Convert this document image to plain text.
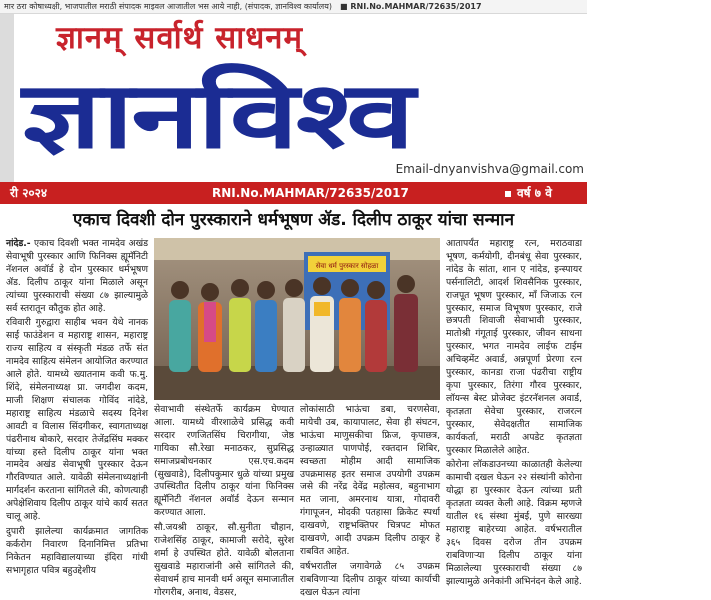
मार ठरा कोषाध्यक्षी, भाजपातील मराठी संपादक माइवल आजातील भस आये नाही, (संपादक, ज्ञानविश्व कार्यालय) ■ RNI.No.MAHMAR/72635/2017
ज्ञानम् सर्वार्थ साधनम्
ज्ञानविश्व
Email-dnyanvishva@gmail.com
री २०२४	RNI.No.MAHMAR/72635/2017	वर्ष ७ वे
एकाच दिवशी दोन पुरस्काराने धर्मभूषण ॲड. दिलीप ठाकूर यांचा सन्मान

नांदेड.- एकाच दिवशी भक्त नामदेव अखंड सेवाभूषी पुरस्कार आणि फिनिक्स ह्यूमॅनिटी नॅशनल अवॉर्ड हे दोन पुरस्कार धर्मभूषण ॲड. दिलीप ठाकूर यांना मिळाले असून त्यांच्या पुरस्काराची संख्या ८७ झाल्यामुळे सर्व स्तरातून कौतुक होत आहे.

रविवारी गुरुद्वारा साहीब भवन येथे नानक साई फाउंडेशन व महाराष्ट्र शासन, महाराष्ट्र राज्य साहित्य व संस्कृती मंडळ तर्फे संत नामदेव साहित्य संमेलन आयोजित करण्यात आले होते. यामध्ये ख्यातनाम कवी फ.मु. शिंदे, संमेलनाध्यक्ष प्रा. जगदीश कदम, माजी शिक्षण संचालक गोविंद नांदेडे, महाराष्ट्र साहित्य मंडळाचे सदस्य दिनेश आवटी व विलास सिंदगीकर, स्वागताध्यक्ष पंढरीनाथ बोकारे, सरदार तेजेंद्रसिंघ मक्कर यांच्या हस्ते दिलीप ठाकूर यांना भक्त नामदेव अखंड सेवाभूषी पुरस्कार देऊन गौरविण्यात आले. यावेळी संमेलनाध्यक्षांनी मार्गदर्शन करताना सांगितले की, कोणत्याही अपेक्षेशिवाय दिलीप ठाकूर यांचे कार्य सतत चालू आहे.

दुपारी झालेल्या कार्यक्रमात जागतिक कर्करोग निवारण दिनानिमित्त प्रतिभा निकेतन महाविद्यालयाच्या इंदिरा गांधी सभागृहात पवित्र बहुउद्देशीय

सेवा धर्म पुरस्कार सोहळा

सेवाभावी संस्थेतर्फे कार्यक्रम घेण्यात आला. यामध्ये वीरशाळेचे प्रसिद्ध कवी सरदार रणजितसिंघ चिरागीया, जेष्ठ गायिका सौ.रेखा मनाठकर, सुप्रसिद्ध समाजप्रबोधनकार एस.एच.कदम (सुखवाडे), दिलीपकुमार धुळे यांच्या प्रमुख उपस्थितीत दिलीप ठाकूर यांना फिनिक्स ह्यूमॅनिटी नॅशनल अवॉर्ड देऊन सन्मान करण्यात आला.

सौ.जयश्री ठाकूर, सौ.सुनीता चौहान, राजेशसिंह ठाकूर, कामाजी सरोदे, सुरेश शर्मा हे उपस्थित होते. यावेळी बोलताना सुखवाडे महाराजांनी असे सांगितले की, सेवाधर्म हाच मानवी धर्म असून समाजातील गोरगरीब, अनाथ, वेडसर,

लोकांसाठी भाऊंचा डबा, चरणसेवा, मायेची उब, कायापालट, सेवा ही संघटन, भाऊंचा माणुसकीचा फ्रिज, कृपाछत्र, उन्हाळ्यात पाणपोई, रक्तदान शिबिर, स्वच्छता मोहीम आदी सामाजिक उपक्रमासह इतर समाज उपयोगी उपक्रम जसे की नरेंद्र देवेंद्र महोत्सव, बहुनाभाग मत जाना, अमरनाथ यात्रा, गोदावरी गंगापूजन, मोदकी पतहासा क्रिकेट स्पर्धा दाखवणे, राष्ट्रभक्तिपर चित्रपट मोफत दाखवणे, आदी उपक्रम दिलीप ठाकूर हे राबवित आहेत.

वर्षभरातील जगावेगळे ८५ उपक्रम राबविणाऱ्या दिलीप ठाकूर यांच्या कार्याची दखल घेऊन त्यांना

आतापर्यंत महाराष्ट्र रत्न, मराठवाडा भूषण, कर्मयोगी, दीनबंधू सेवा पुरस्कार, नांदेड के सांता, शान ए नांदेड, इन्स्पायर पर्सनालिटी, आदर्श शिवसैनिक पुरस्कार, राजपूत भूषण पुरस्कार, माँ जिजाऊ रत्न पुरस्कार, समाज विभूषण पुरस्कार, राजे छत्रपती शिवाजी सेवाभावी पुरस्कार, मातोश्री गंगूताई पुरस्कार, जीवन साधना पुरस्कार, भगत नामदेव लाईफ टाईम अचिव्हमेंट अवार्ड, अन्नपूर्णा प्रेरणा रत्न पुरस्कार, कानडा राजा पंढरीचा राष्ट्रीय कृपा पुरस्कार, तिरंगा गौरव पुरस्कार, लॉयन्स बेस्ट प्रोजेक्ट इंटरनॅशनल अवार्ड, कृतज्ञता सेवेचा पुरस्कार, राजरत्न पुरस्कार, सेवेदक्षतीत सामाजिक कार्यकर्ता, मराठी अपडेट कृतज्ञता पुरस्कार मिळालेले आहेत.

कोरोना लॉकडाउनच्या काळातही केलेल्या कामाची दखल घेऊन २२ संस्थांनी कोरोना योद्धा हा पुरस्कार देऊन त्यांच्या प्रती कृतज्ञता व्यक्त केली आहे. विक्रम म्हणजे यातील १६ संस्था मुंबई, पुणे सारख्या महाराष्ट्र बाहेरच्या आहेत. वर्षभरातील ३६५ दिवस दरोज तीन उपक्रम राबविणाऱ्या दिलीप ठाकूर यांना मिळालेल्या पुरस्काराची संख्या ८७ झाल्यामुळे अनेकांनी अभिनंदन केले आहे.
